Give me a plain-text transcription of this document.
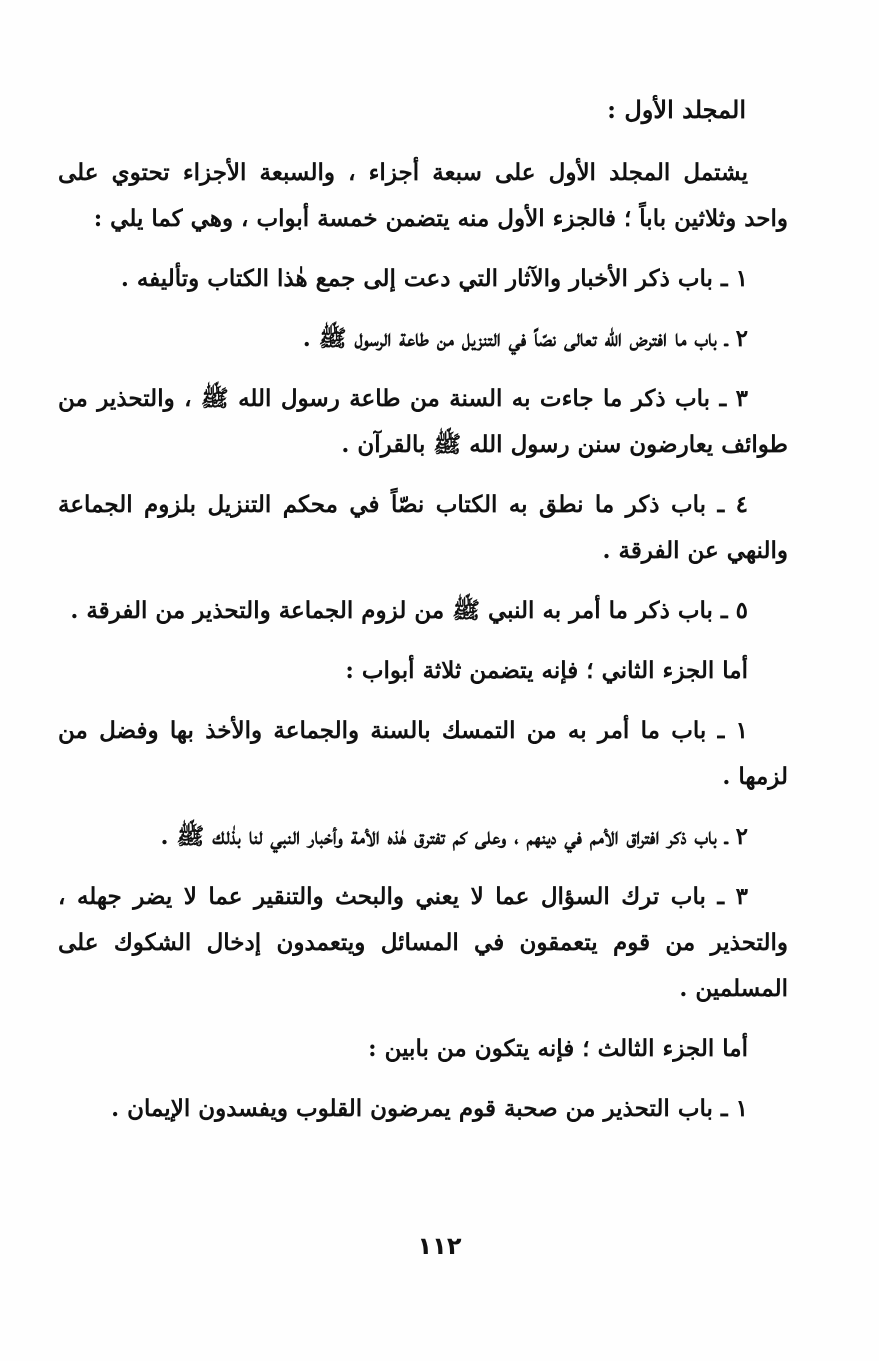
المجلد الأول :

يشتمل المجلد الأول على سبعة أجزاء ، والسبعة الأجزاء تحتوي على واحد وثلاثين باباً ؛ فالجزء الأول منه يتضمن خمسة أبواب ، وهي كما يلي :

١ ـ باب ذكر الأخبار والآثار التي دعت إلى جمع هٰذا الكتاب وتأليفه .

٢ ـ باب ما افترض الله تعالى نصّاً في التنزيل من طاعة الرسول ﷺ .

٣ ـ باب ذكر ما جاءت به السنة من طاعة رسول الله ﷺ ، والتحذير من طوائف يعارضون سنن رسول الله ﷺ بالقرآن .

٤ ـ باب ذكر ما نطق به الكتاب نصّاً في محكم التنزيل بلزوم الجماعة والنهي عن الفرقة .

٥ ـ باب ذكر ما أمر به النبي ﷺ من لزوم الجماعة والتحذير من الفرقة .

أما الجزء الثاني ؛ فإنه يتضمن ثلاثة أبواب :

١ ـ باب ما أمر به من التمسك بالسنة والجماعة والأخذ بها وفضل من لزمها .

٢ ـ باب ذكر افتراق الأمم في دينهم ، وعلى كم تفترق هٰذه الأمة وأخبار النبي لنا بذٰلك ﷺ .

٣ ـ باب ترك السؤال عما لا يعني والبحث والتنقير عما لا يضر جهله ، والتحذير من قوم يتعمقون في المسائل ويتعمدون إدخال الشكوك على المسلمين .

أما الجزء الثالث ؛ فإنه يتكون من بابين :

١ ـ باب التحذير من صحبة قوم يمرضون القلوب ويفسدون الإيمان .

١١٢
